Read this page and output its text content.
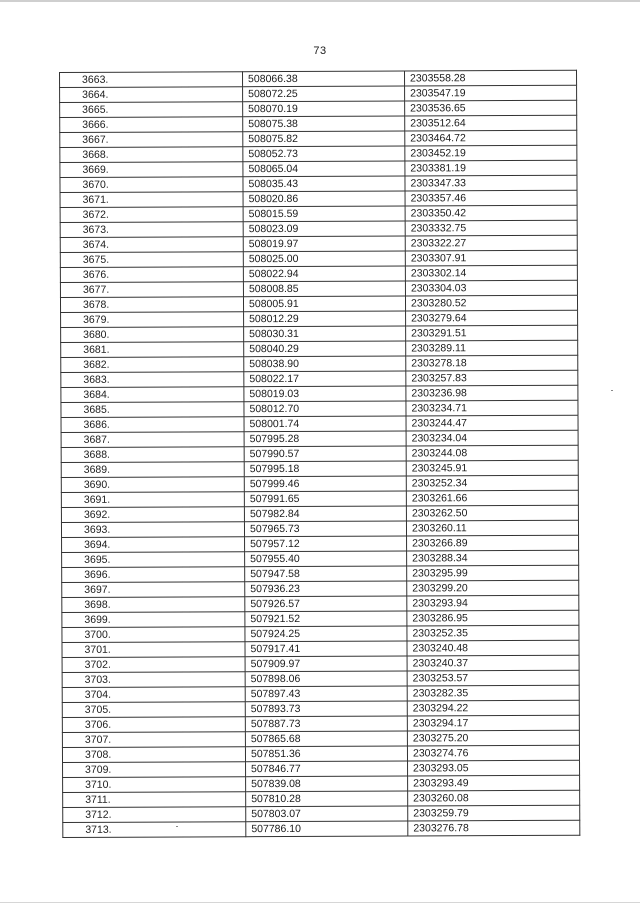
73
3663.	508066.38	2303558.28
3664.	508072.25	2303547.19
3665.	508070.19	2303536.65
3666.	508075.38	2303512.64
3667.	508075.82	2303464.72
3668.	508052.73	2303452.19
3669.	508065.04	2303381.19
3670.	508035.43	2303347.33
3671.	508020.86	2303357.46
3672.	508015.59	2303350.42
3673.	508023.09	2303332.75
3674.	508019.97	2303322.27
3675.	508025.00	2303307.91
3676.	508022.94	2303302.14
3677.	508008.85	2303304.03
3678.	508005.91	2303280.52
3679.	508012.29	2303279.64
3680.	508030.31	2303291.51
3681.	508040.29	2303289.11
3682.	508038.90	2303278.18
3683.	508022.17	2303257.83
3684.	508019.03	2303236.98
3685.	508012.70	2303234.71
3686.	508001.74	2303244.47
3687.	507995.28	2303234.04
3688.	507990.57	2303244.08
3689.	507995.18	2303245.91
3690.	507999.46	2303252.34
3691.	507991.65	2303261.66
3692.	507982.84	2303262.50
3693.	507965.73	2303260.11
3694.	507957.12	2303266.89
3695.	507955.40	2303288.34
3696.	507947.58	2303295.99
3697.	507936.23	2303299.20
3698.	507926.57	2303293.94
3699.	507921.52	2303286.95
3700.	507924.25	2303252.35
3701.	507917.41	2303240.48
3702.	507909.97	2303240.37
3703.	507898.06	2303253.57
3704.	507897.43	2303282.35
3705.	507893.73	2303294.22
3706.	507887.73	2303294.17
3707.	507865.68	2303275.20
3708.	507851.36	2303274.76
3709.	507846.77	2303293.05
3710.	507839.08	2303293.49
3711.	507810.28	2303260.08
3712.	507803.07	2303259.79
3713.	507786.10	2303276.78
